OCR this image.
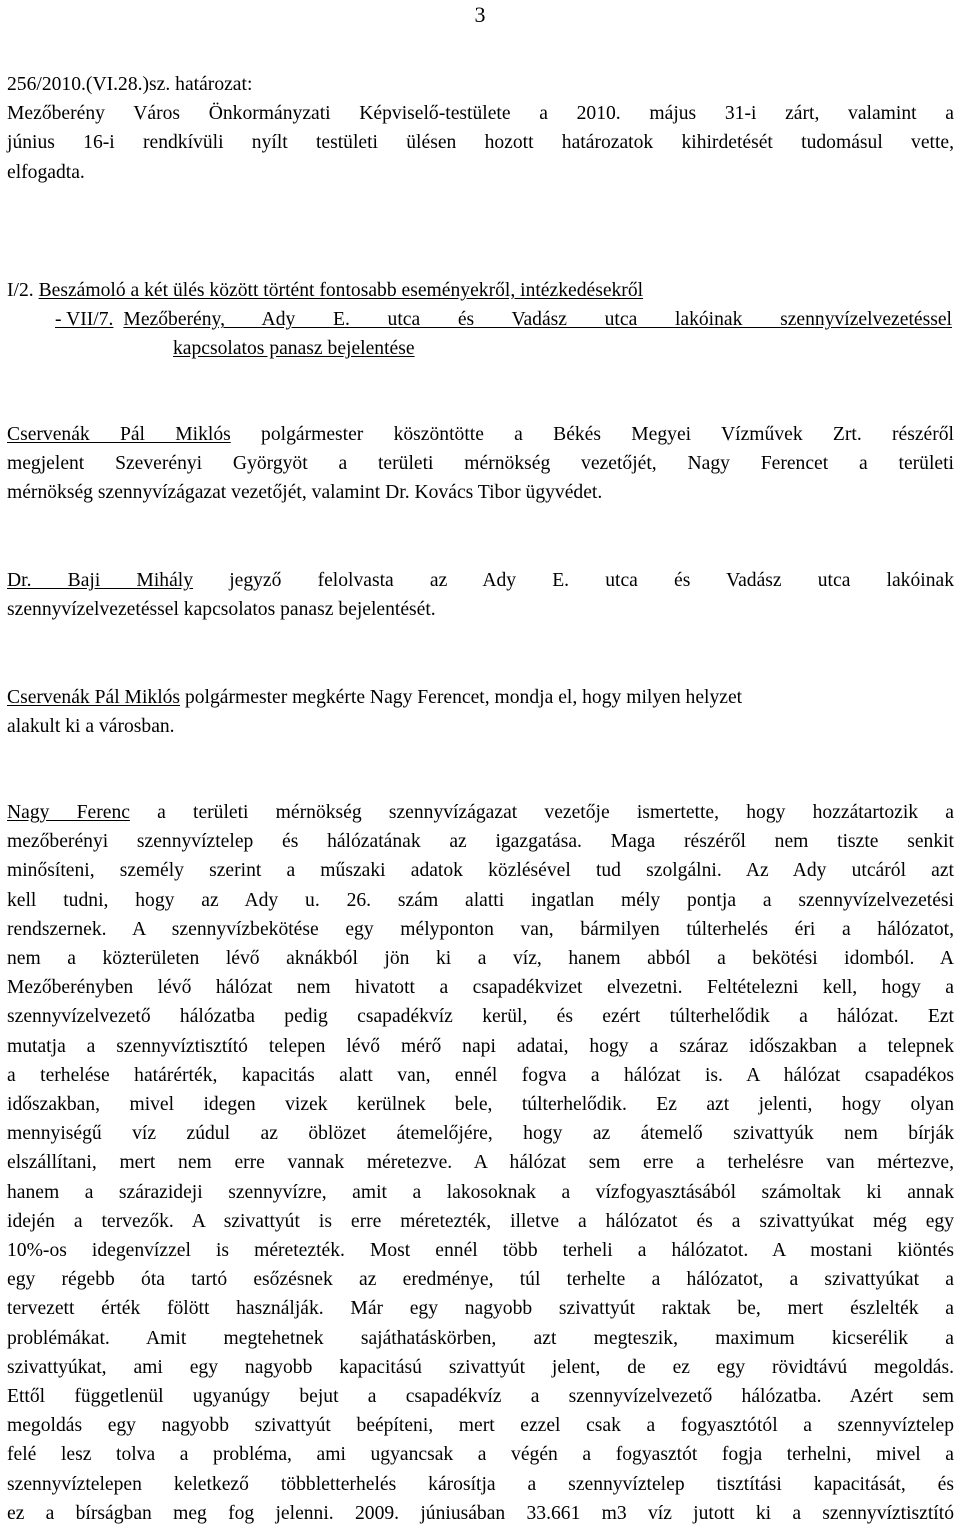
3
256/2010.(VI.28.)sz. határozat:
Mezőberény Város Önkormányzati Képviselő-testülete a 2010. május 31-i zárt, valamint a
június 16-i rendkívüli nyílt testületi ülésen hozott határozatok kihirdetését tudomásul vette,
elfogadta.
I/2. Beszámoló a két ülés között történt fontosabb eseményekről, intézkedésekről
- VII/7. Mezőberény, Ady E. utca és Vadász utca lakóinak szennyvízelvezetéssel
kapcsolatos panasz bejelentése
Cservenák Pál Miklós polgármester köszöntötte a Békés Megyei Vízművek Zrt. részéről
megjelent Szeverényi Györgyöt a területi mérnökség vezetőjét, Nagy Ferencet a területi
mérnökség szennyvízágazat vezetőjét, valamint Dr. Kovács Tibor ügyvédet.
Dr. Baji Mihály jegyző felolvasta az Ady E. utca és Vadász utca lakóinak
szennyvízelvezetéssel kapcsolatos panasz bejelentését.
Cservenák Pál Miklós polgármester megkérte Nagy Ferencet, mondja el, hogy milyen helyzet
alakult ki a városban.
Nagy Ferenc a területi mérnökség szennyvízágazat vezetője ismertette, hogy hozzátartozik a
mezőberényi szennyvíztelep és hálózatának az igazgatása. Maga részéről nem tiszte senkit
minősíteni, személy szerint a műszaki adatok közlésével tud szolgálni. Az Ady utcáról azt
kell tudni, hogy az Ady u. 26. szám alatti ingatlan mély pontja a szennyvízelvezetési
rendszernek. A szennyvízbekötése egy mélyponton van, bármilyen túlterhelés éri a hálózatot,
nem a közterületen lévő aknákból jön ki a víz, hanem abból a bekötési idomból. A
Mezőberényben lévő hálózat nem hivatott a csapadékvizet elvezetni. Feltételezni kell, hogy a
szennyvízelvezető hálózatba pedig csapadékvíz kerül, és ezért túlterhelődik a hálózat. Ezt
mutatja a szennyvíztisztító telepen lévő mérő napi adatai, hogy a száraz időszakban a telepnek
a terhelése határérték, kapacitás alatt van, ennél fogva a hálózat is. A hálózat csapadékos
időszakban, mivel idegen vizek kerülnek bele, túlterhelődik. Ez azt jelenti, hogy olyan
mennyiségű víz zúdul az öblözet átemelőjére, hogy az átemelő szivattyúk nem bírják
elszállítani, mert nem erre vannak méretezve. A hálózat sem erre a terhelésre van mértezve,
hanem a szárazideji szennyvízre, amit a lakosoknak a vízfogyasztásából számoltak ki annak
idején a tervezők. A szivattyút is erre méretezték, illetve a hálózatot és a szivattyúkat még egy
10%-os idegenvízzel is méretezték. Most ennél több terheli a hálózatot. A mostani kiöntés
egy régebb óta tartó esőzésnek az eredménye, túl terhelte a hálózatot, a szivattyúkat a
tervezett érték fölött használják. Már egy nagyobb szivattyút raktak be, mert észlelték a
problémákat. Amit megtehetnek sajáthatáskörben, azt megteszik, maximum kicserélik a
szivattyúkat, ami egy nagyobb kapacitású szivattyút jelent, de ez egy rövidtávú megoldás.
Ettől függetlenül ugyanúgy bejut a csapadékvíz a szennyvízelvezető hálózatba. Azért sem
megoldás egy nagyobb szivattyút beépíteni, mert ezzel csak a fogyasztótól a szennyvíztelep
felé lesz tolva a probléma, ami ugyancsak a végén a fogyasztót fogja terhelni, mivel a
szennyvíztelepen keletkező többletterhelés károsítja a szennyvíztelep tisztítási kapacitását, és
ez a bírságban meg fog jelenni. 2009. júniusában 33.661 m3 víz jutott ki a szennyvíztisztító
